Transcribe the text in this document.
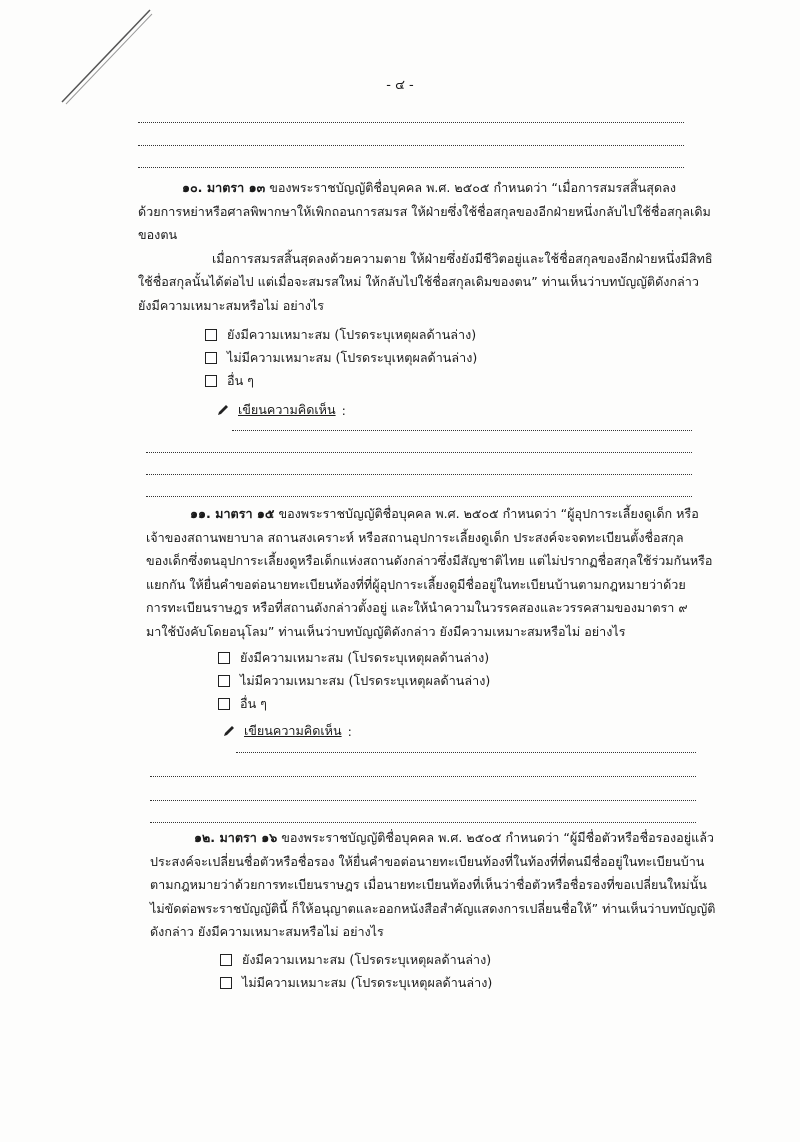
- ๔ -
๑๐. มาตรา ๑๓ ของพระราชบัญญัติชื่อบุคคล พ.ศ. ๒๕๐๕ กำหนดว่า “เมื่อการสมรสสิ้นสุดลง
ด้วยการหย่าหรือศาลพิพากษาให้เพิกถอนการสมรส ให้ฝ่ายซึ่งใช้ชื่อสกุลของอีกฝ่ายหนึ่งกลับไปใช้ชื่อสกุลเดิม
ของตน
เมื่อการสมรสสิ้นสุดลงด้วยความตาย ให้ฝ่ายซึ่งยังมีชีวิตอยู่และใช้ชื่อสกุลของอีกฝ่ายหนึ่งมีสิทธิ
ใช้ชื่อสกุลนั้นได้ต่อไป แต่เมื่อจะสมรสใหม่ ให้กลับไปใช้ชื่อสกุลเดิมของตน” ท่านเห็นว่าบทบัญญัติดังกล่าว
ยังมีความเหมาะสมหรือไม่ อย่างไร
ยังมีความเหมาะสม (โปรดระบุเหตุผลด้านล่าง)
ไม่มีความเหมาะสม (โปรดระบุเหตุผลด้านล่าง)
อื่น ๆ
เขียนความคิดเห็น :
๑๑. มาตรา ๑๕ ของพระราชบัญญัติชื่อบุคคล พ.ศ. ๒๕๐๕ กำหนดว่า “ผู้อุปการะเลี้ยงดูเด็ก หรือ
เจ้าของสถานพยาบาล สถานสงเคราะห์ หรือสถานอุปการะเลี้ยงดูเด็ก ประสงค์จะจดทะเบียนตั้งชื่อสกุล
ของเด็กซึ่งตนอุปการะเลี้ยงดูหรือเด็กแห่งสถานดังกล่าวซึ่งมีสัญชาติไทย แต่ไม่ปรากฏชื่อสกุลใช้ร่วมกันหรือ
แยกกัน ให้ยื่นคำขอต่อนายทะเบียนท้องที่ที่ผู้อุปการะเลี้ยงดูมีชื่ออยู่ในทะเบียนบ้านตามกฎหมายว่าด้วย
การทะเบียนราษฎร หรือที่สถานดังกล่าวตั้งอยู่ และให้นำความในวรรคสองและวรรคสามของมาตรา ๙
มาใช้บังคับโดยอนุโลม” ท่านเห็นว่าบทบัญญัติดังกล่าว ยังมีความเหมาะสมหรือไม่ อย่างไร
ยังมีความเหมาะสม (โปรดระบุเหตุผลด้านล่าง)
ไม่มีความเหมาะสม (โปรดระบุเหตุผลด้านล่าง)
อื่น ๆ
เขียนความคิดเห็น :
๑๒. มาตรา ๑๖ ของพระราชบัญญัติชื่อบุคคล พ.ศ. ๒๕๐๕ กำหนดว่า “ผู้มีชื่อตัวหรือชื่อรองอยู่แล้ว
ประสงค์จะเปลี่ยนชื่อตัวหรือชื่อรอง ให้ยื่นคำขอต่อนายทะเบียนท้องที่ในท้องที่ที่ตนมีชื่ออยู่ในทะเบียนบ้าน
ตามกฎหมายว่าด้วยการทะเบียนราษฎร เมื่อนายทะเบียนท้องที่เห็นว่าชื่อตัวหรือชื่อรองที่ขอเปลี่ยนใหม่นั้น
ไม่ขัดต่อพระราชบัญญัตินี้ ก็ให้อนุญาตและออกหนังสือสำคัญแสดงการเปลี่ยนชื่อให้” ท่านเห็นว่าบทบัญญัติ
ดังกล่าว ยังมีความเหมาะสมหรือไม่ อย่างไร
ยังมีความเหมาะสม (โปรดระบุเหตุผลด้านล่าง)
ไม่มีความเหมาะสม (โปรดระบุเหตุผลด้านล่าง)
